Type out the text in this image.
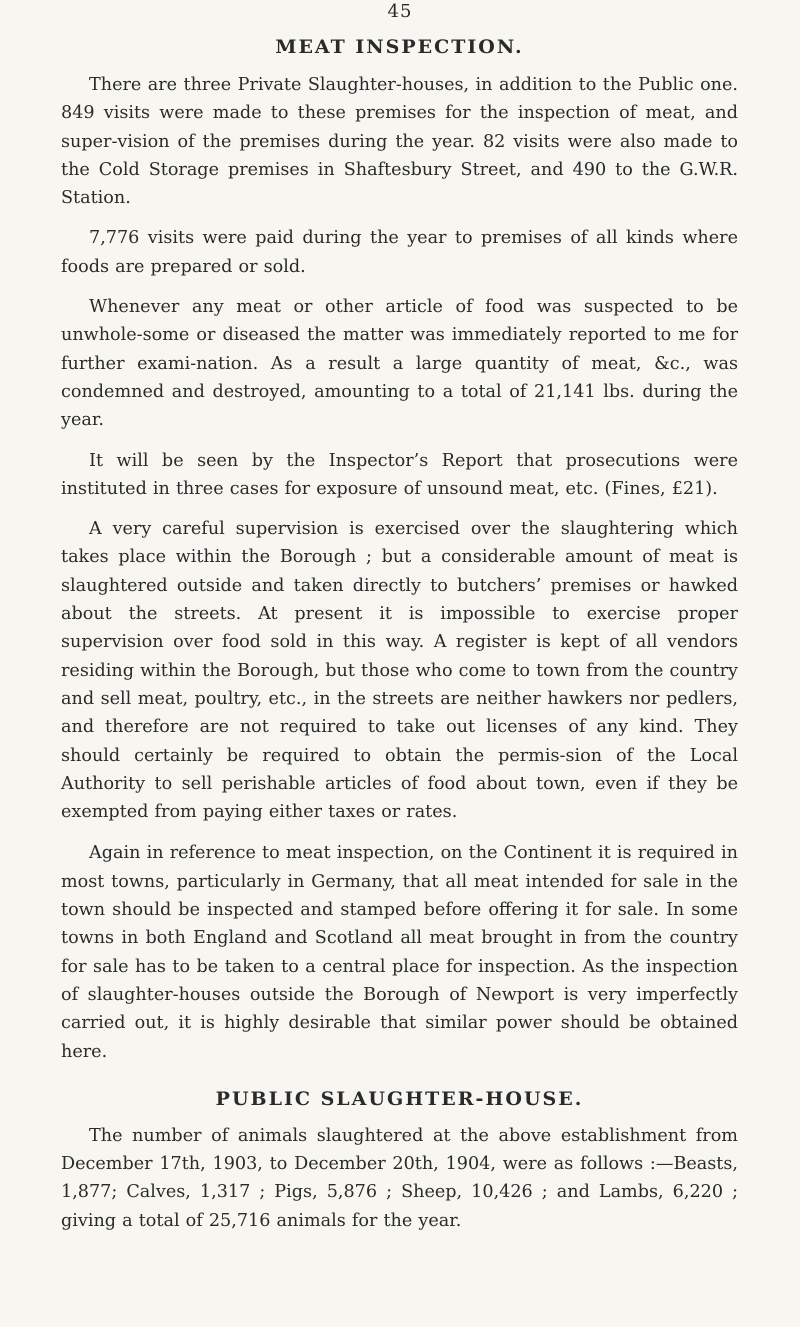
45
MEAT INSPECTION.

There are three Private Slaughter-houses, in addition to the Public one. 849 visits were made to these premises for the inspection of meat, and super-vision of the premises during the year. 82 visits were also made to the Cold Storage premises in Shaftesbury Street, and 490 to the G.W.R. Station.

7,776 visits were paid during the year to premises of all kinds where foods are prepared or sold.

Whenever any meat or other article of food was suspected to be unwhole-some or diseased the matter was immediately reported to me for further exami-nation. As a result a large quantity of meat, &c., was condemned and destroyed, amounting to a total of 21,141 lbs. during the year.

It will be seen by the Inspector’s Report that prosecutions were instituted in three cases for exposure of unsound meat, etc. (Fines, £21).

A very careful supervision is exercised over the slaughtering which takes place within the Borough ; but a considerable amount of meat is slaughtered outside and taken directly to butchers’ premises or hawked about the streets. At present it is impossible to exercise proper supervision over food sold in this way. A register is kept of all vendors residing within the Borough, but those who come to town from the country and sell meat, poultry, etc., in the streets are neither hawkers nor pedlers, and therefore are not required to take out licenses of any kind. They should certainly be required to obtain the permis-sion of the Local Authority to sell perishable articles of food about town, even if they be exempted from paying either taxes or rates.

Again in reference to meat inspection, on the Continent it is required in most towns, particularly in Germany, that all meat intended for sale in the town should be inspected and stamped before offering it for sale. In some towns in both England and Scotland all meat brought in from the country for sale has to be taken to a central place for inspection. As the inspection of slaughter-houses outside the Borough of Newport is very imperfectly carried out, it is highly desirable that similar power should be obtained here.

PUBLIC SLAUGHTER-HOUSE.

The number of animals slaughtered at the above establishment from December 17th, 1903, to December 20th, 1904, were as follows :—Beasts, 1,877; Calves, 1,317 ; Pigs, 5,876 ; Sheep, 10,426 ; and Lambs, 6,220 ; giving a total of 25,716 animals for the year.
